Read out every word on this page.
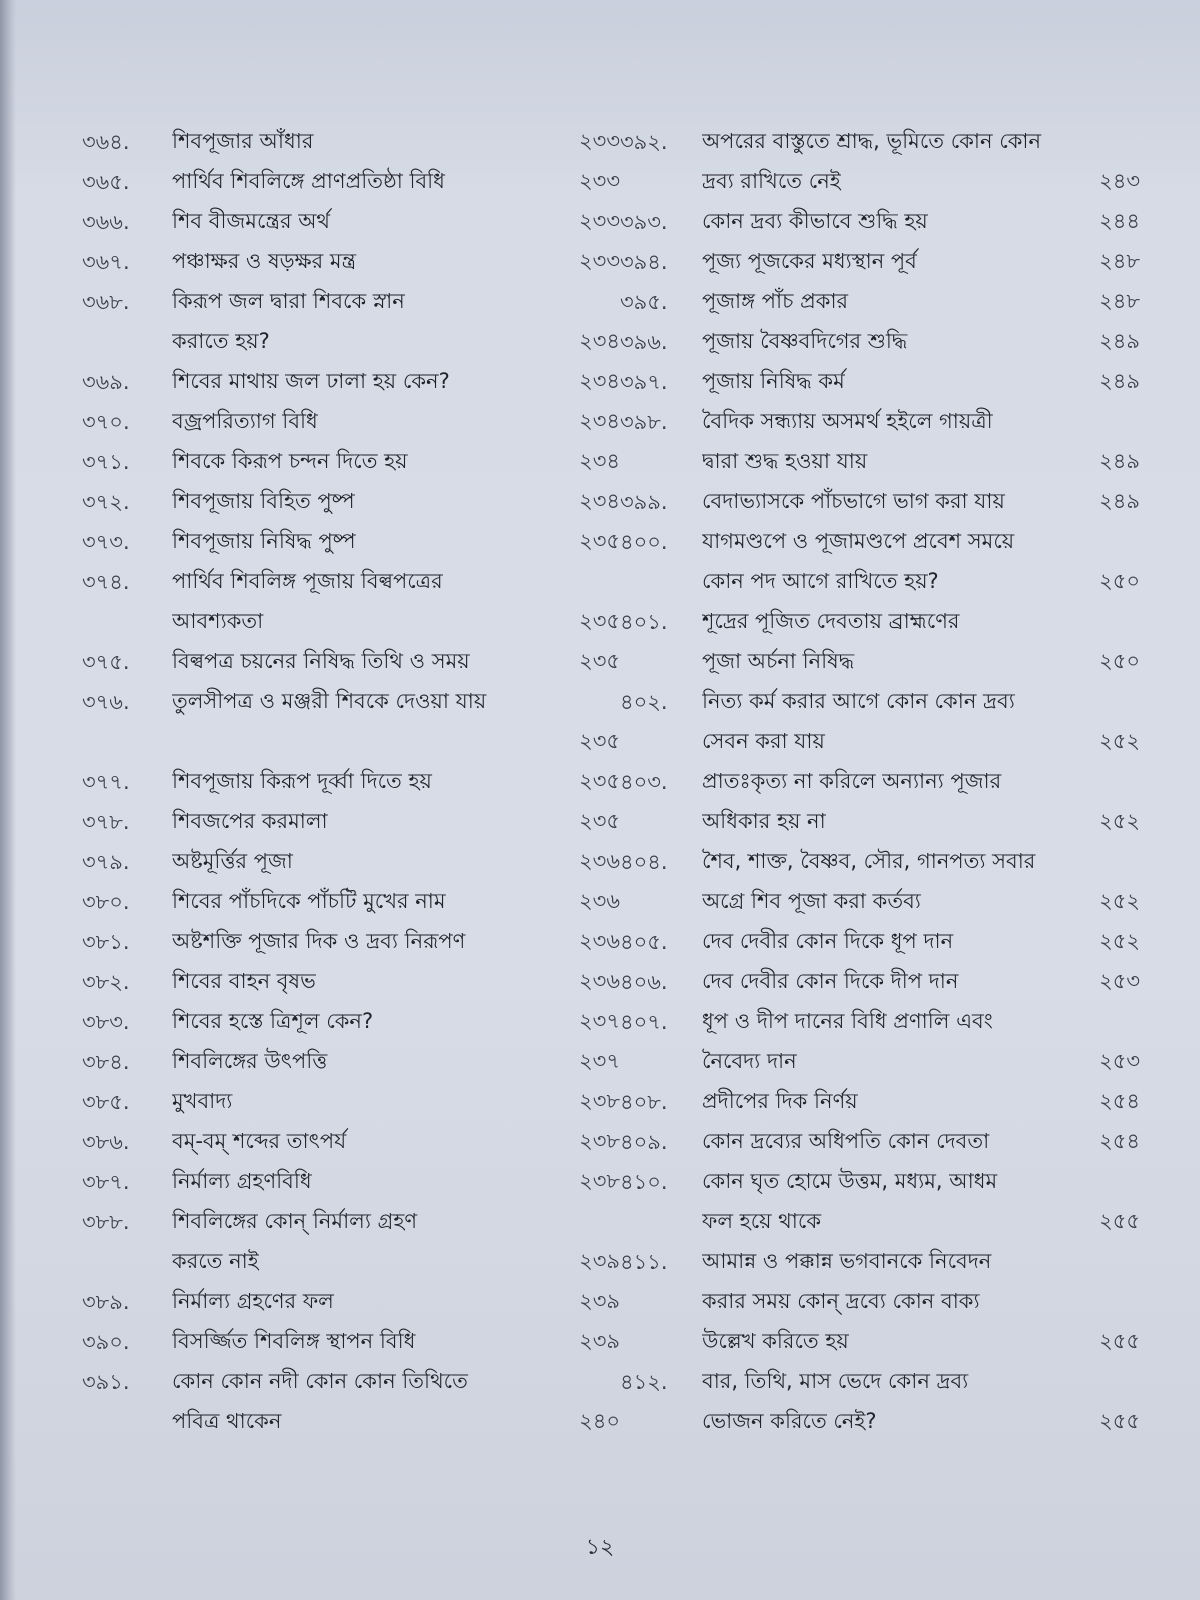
৩৬৪.	শিবপূজার আঁধার	২৩৩
৩৬৫.	পার্থিব শিবলিঙ্গে প্রাণপ্রতিষ্ঠা বিধি	২৩৩
৩৬৬.	শিব বীজমন্ত্রের অর্থ	২৩৩
৩৬৭.	পঞ্চাক্ষর ও ষড়ক্ষর মন্ত্র	২৩৩
৩৬৮.	কিরূপ জল দ্বারা শিবকে স্নান
করাতে হয়?	২৩৪
৩৬৯.	শিবের মাথায় জল ঢালা হয় কেন?	২৩৪
৩৭০.	বজ্রপরিত্যাগ বিধি	২৩৪
৩৭১.	শিবকে কিরূপ চন্দন দিতে হয়	২৩৪
৩৭২.	শিবপূজায় বিহিত পুষ্প	২৩৪
৩৭৩.	শিবপূজায় নিষিদ্ধ পুষ্প	২৩৫
৩৭৪.	পার্থিব শিবলিঙ্গ পূজায় বিল্বপত্রের
আবশ্যকতা	২৩৫
৩৭৫.	বিল্বপত্র চয়নের নিষিদ্ধ তিথি ও সময়	২৩৫
৩৭৬.	তুলসীপত্র ও মঞ্জরী শিবকে দেওয়া যায়
২৩৫
৩৭৭.	শিবপূজায় কিরূপ দূর্ব্বা দিতে হয়	২৩৫
৩৭৮.	শিবজপের করমালা	২৩৫
৩৭৯.	অষ্টমূর্ত্তির পূজা	২৩৬
৩৮০.	শিবের পাঁচদিকে পাঁচটি মুখের নাম	২৩৬
৩৮১.	অষ্টশক্তি পূজার দিক ও দ্রব্য নিরূপণ	২৩৬
৩৮২.	শিবের বাহন বৃষভ	২৩৬
৩৮৩.	শিবের হস্তে ত্রিশূল কেন?	২৩৭
৩৮৪.	শিবলিঙ্গের উৎপত্তি	২৩৭
৩৮৫.	মুখবাদ্য	২৩৮
৩৮৬.	বম্-বম্ শব্দের তাৎপর্য	২৩৮
৩৮৭.	নির্মাল্য গ্রহণবিধি	২৩৮
৩৮৮.	শিবলিঙ্গের কোন্ নির্মাল্য গ্রহণ
করতে নাই	২৩৯
৩৮৯.	নির্মাল্য গ্রহণের ফল	২৩৯
৩৯০.	বিসর্জ্জিত শিবলিঙ্গ স্থাপন বিধি	২৩৯
৩৯১.	কোন কোন নদী কোন কোন তিথিতে
পবিত্র থাকেন	২৪০
৩৯২.	অপরের বাস্তুতে শ্রাদ্ধ, ভূমিতে কোন কোন
দ্রব্য রাখিতে নেই	২৪৩
৩৯৩.	কোন দ্রব্য কীভাবে শুদ্ধি হয়	২৪৪
৩৯৪.	পূজ্য পূজকের মধ্যস্থান পূর্ব	২৪৮
৩৯৫.	পূজাঙ্গ পাঁচ প্রকার	২৪৮
৩৯৬.	পূজায় বৈষ্ণবদিগের শুদ্ধি	২৪৯
৩৯৭.	পূজায় নিষিদ্ধ কর্ম	২৪৯
৩৯৮.	বৈদিক সন্ধ্যায় অসমর্থ হইলে গায়ত্রী
দ্বারা শুদ্ধ হওয়া যায়	২৪৯
৩৯৯.	বেদাভ্যাসকে পাঁচভাগে ভাগ করা যায়	২৪৯
৪০০.	যাগমণ্ডপে ও পূজামণ্ডপে প্রবেশ সময়ে
কোন পদ আগে রাখিতে হয়?	২৫০
৪০১.	শূদ্রের পূজিত দেবতায় ব্রাহ্মণের
পূজা অর্চনা নিষিদ্ধ	২৫০
৪০২.	নিত্য কর্ম করার আগে কোন কোন দ্রব্য
সেবন করা যায়	২৫২
৪০৩.	প্রাতঃকৃত্য না করিলে অন্যান্য পূজার
অধিকার হয় না	২৫২
৪০৪.	শৈব, শাক্ত, বৈষ্ণব, সৌর, গানপত্য সবার
অগ্রে শিব পূজা করা কর্তব্য	২৫২
৪০৫.	দেব দেবীর কোন দিকে ধূপ দান	২৫২
৪০৬.	দেব দেবীর কোন দিকে দীপ দান	২৫৩
৪০৭.	ধূপ ও দীপ দানের বিধি প্রণালি এবং
নৈবেদ্য দান	২৫৩
৪০৮.	প্রদীপের দিক নির্ণয়	২৫৪
৪০৯.	কোন দ্রব্যের অধিপতি কোন দেবতা	২৫৪
৪১০.	কোন ঘৃত হোমে উত্তম, মধ্যম, আধম
ফল হয়ে থাকে	২৫৫
৪১১.	আমান্ন ও পক্কান্ন ভগবানকে নিবেদন
করার সময় কোন্ দ্রব্যে কোন বাক্য
উল্লেখ করিতে হয়	২৫৫
৪১২.	বার, তিথি, মাস ভেদে কোন দ্রব্য
ভোজন করিতে নেই?	২৫৫
১২
